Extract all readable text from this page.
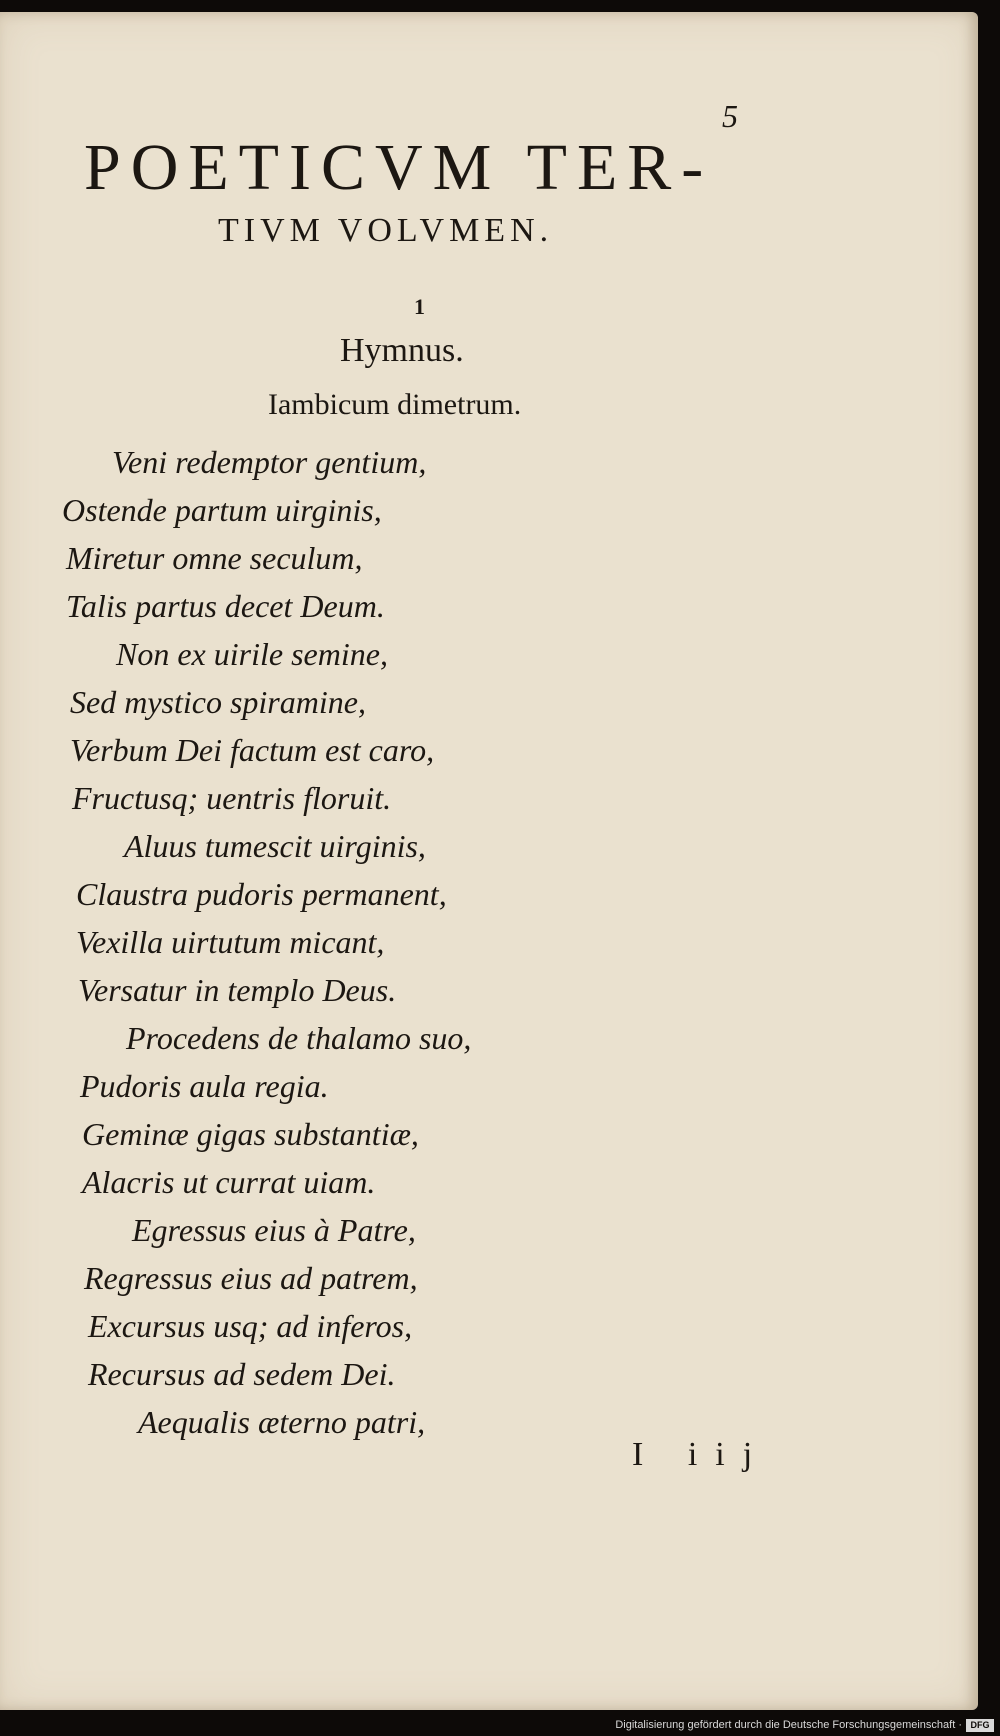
5
POETICVM TER-
TIVM VOLVMEN.
1
Hymnus.
Iambicum dimetrum.
Veni redemptor gentium,
Ostende partum uirginis,
Miretur omne seculum,
Talis partus decet Deum.
Non ex uirile semine,
Sed mystico spiramine,
Verbum Dei factum est caro,
Fructusq; uentris floruit.
Aluus tumescit uirginis,
Claustra pudoris permanent,
Vexilla uirtutum micant,
Versatur in templo Deus.
Procedens de thalamo suo,
Pudoris aula regia.
Geminæ gigas substantiæ,
Alacris ut currat uiam.
Egressus eius à Patre,
Regressus eius ad patrem,
Excursus usq; ad inferos,
Recursus ad sedem Dei.
Aequalis æterno patri,
I iij
Digitalisierung gefördert durch die Deutsche Forschungsgemeinschaft · DFG
